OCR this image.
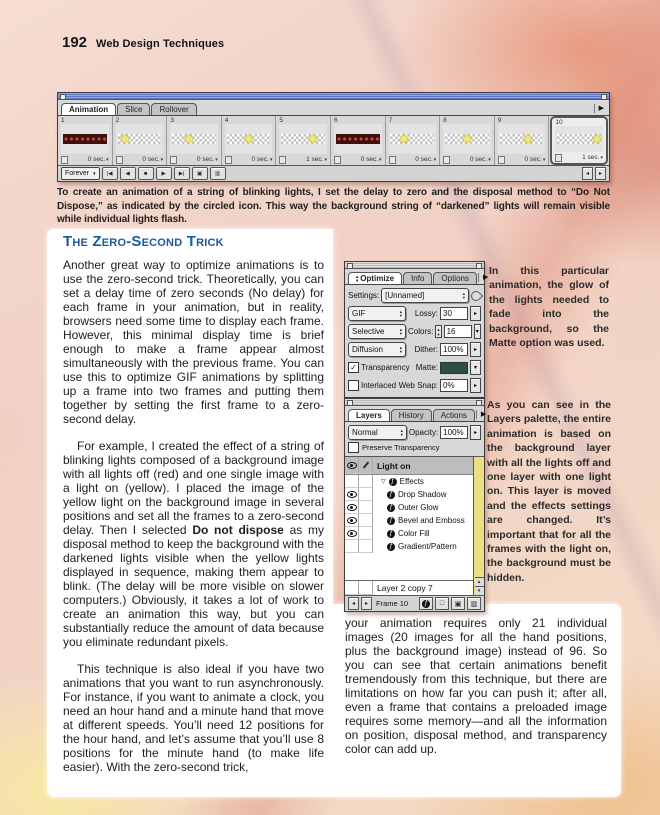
192 Web Design Techniques
Animation	Slice	Rollover	▶
1
0 sec. ▾
2
0 sec. ▾
3
0 sec. ▾
4
0 sec. ▾
5
1 sec. ▾
6
0 sec. ▾
7
0 sec. ▾
8
0 sec. ▾
9
0 sec. ▾
10
1 sec. ▾
Forever ▾	|◀	◀	■	▶	▶|	▣	▥	◂	▸
To create an animation of a string of blinking lights, I set the delay to zero and the disposal method to “Do Not Dispose,” as indicated by the circled icon. This way the background string of “darkened” lights will remain visible while individual lights flash.
The Zero-Second Trick

Another great way to optimize animations is to use the zero-second trick. Theoretically, you can set a delay time of zero seconds (No delay) for each frame in your animation, but in reality, browsers need some time to display each frame. However, this minimal display time is brief enough to make a frame appear almost simultaneously with the previous frame. You can use this to optimize GIF animations by splitting up a frame into two frames and putting them together by setting the first frame to a zero-second delay.

For example, I created the effect of a string of blinking lights composed of a background image with all lights off (red) and one single image with a light on (yellow). I placed the image of the yellow light on the background image in several positions and set all the frames to a zero-second delay. Then I selected Do not dispose as my disposal method to keep the background with the darkened lights visible when the yellow lights displayed in sequence, making them appear to blink. (The delay will be more visible on slower computers.) Obviously, it takes a lot of work to create an animation this way, but you can substantially reduce the amount of data because you eliminate redundant pixels.

This technique is also ideal if you have two animations that you want to run asynchronously. For instance, if you want to animate a clock, you need an hour hand and a minute hand that move at different speeds. You’ll need 12 positions for the hour hand, and let’s assume that you’ll use 8 positions for the minute hand (to make life easier). With the zero-second trick,

your animation requires only 21 individual images (20 images for all the hand positions, plus the background image) instead of 96. So you can see that certain animations benefit tremendously from this technique, but there are limitations on how far you can push it; after all, even a frame that contains a preloaded image requires some memory—and all the information on position, disposal method, and transparency color can add up.

▴
▾ Optimize	Info	Options	▶
Settings: [Unnamed]	▴
▾
GIF	▴
▾ Lossy: 30	▸
Selective	▴
▾ Colors: ▴
▾ 16	▾
Diffusion	▴
▾ Dither: 100%	▸
✓ Transparency Matte:	▾
Interlaced Web Snap: 0%	▸
Layers	History	Actions	▶
Normal	▴
▾ Opacity: 100%	▸
Preserve Transparency
Light on
▽ f Effects
f Drop Shadow
f Outer Glow
f Bevel and Emboss
f Color Fill
f Gradient/Pattern
Layer 2 copy 7
▴
▾
◂	▸	Frame 10	f	□	▣	▥
In this particular animation, the glow of the lights needed to fade into the background, so the Matte option was used.
As you can see in the Layers palette, the entire animation is based on the background layer with all the lights off and one layer with one light on. This layer is moved and the effects settings are changed. It’s important that for all the frames with the light on, the background must be hidden.
